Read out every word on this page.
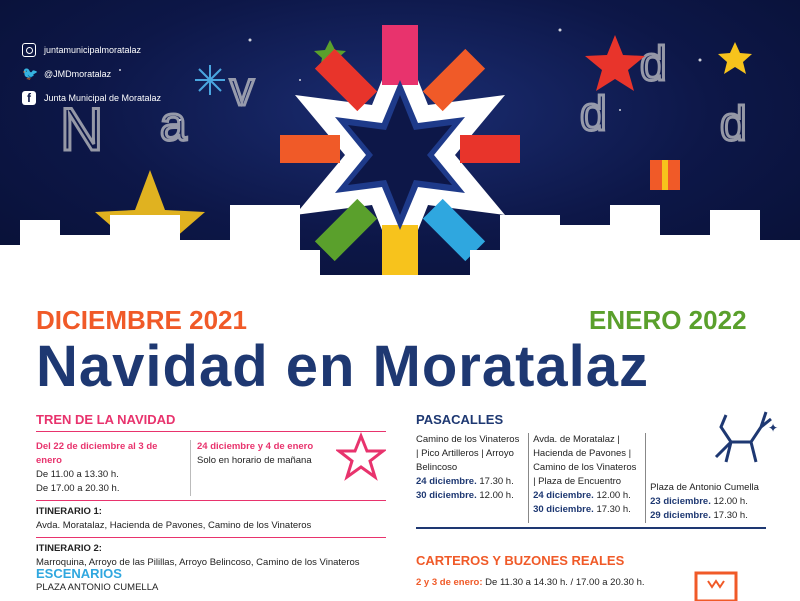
N a
v	d
d
d
juntamunicipalmoratalaz
🐦 @JMDmoratalaz
f	Junta Municipal de Moratalaz
DICIEMBRE 2021	ENERO 2022
Navidad en Moratalaz
TREN DE LA NAVIDAD
Del 22 de diciembre al 3 de enero
De 11.00 a 13.30 h.
De 17.00 a 20.30 h.
24 diciembre y 4 de enero
Solo en horario de mañana
ITINERARIO 1:
Avda. Moratalaz, Hacienda de Pavones, Camino de los Vinateros
ITINERARIO 2:
Marroquina, Arroyo de las Pilillas, Arroyo Belincoso, Camino de los Vinateros
ESCENARIOS
PLAZA ANTONIO CUMELLA
PASACALLES
Camino de los Vinateros | Pico Artilleros | Arroyo Belincoso
24 diciembre. 17.30 h.
30 diciembre. 12.00 h.
Avda. de Moratalaz | Hacienda de Pavones | Camino de los Vinateros | Plaza de Encuentro
24 diciembre. 12.00 h.
30 diciembre. 17.30 h.
Plaza de Antonio Cumella
23 diciembre. 12.00 h.
29 diciembre. 17.30 h.
✦
CARTEROS Y BUZONES REALES
2 y 3 de enero: De 11.30 a 14.30 h. / 17.00 a 20.30 h.
